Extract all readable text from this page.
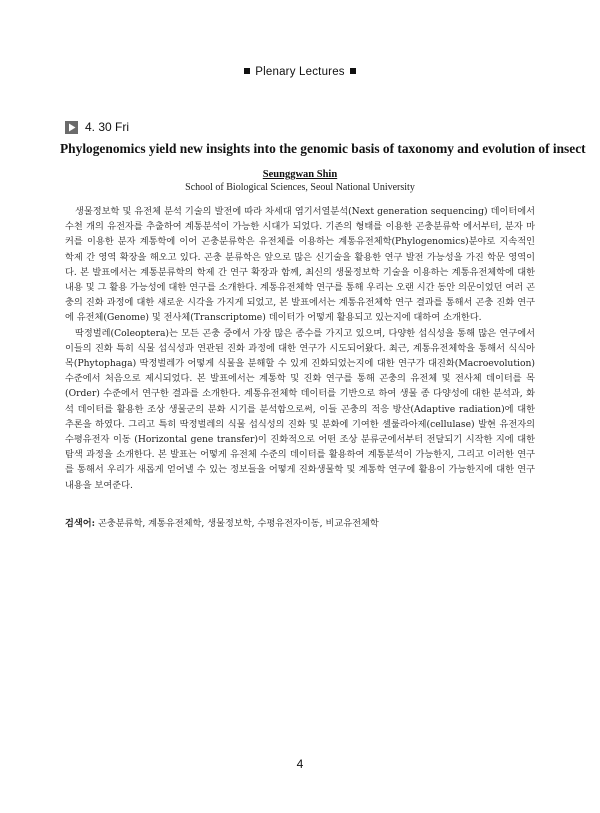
Plenary Lectures
4. 30 Fri
Phylogenomics yield new insights into the genomic basis of taxonomy and evolution of insect
Seunggwan Shin
School of Biological Sciences, Seoul National University

생물정보학 및 유전체 분석 기술의 발전에 따라 차세대 염기서열분석(Next generation sequencing) 데이터에서 수천 개의 유전자를 추출하여 계통분석이 가능한 시대가 되었다. 기존의 형태를 이용한 곤충분류학 에서부터, 분자 마커를 이용한 분자 계통학에 이어 곤충분류학은 유전체를 이용하는 계통유전체학(Phylogenomics)분야로 지속적인 학제 간 영역 확장을 해오고 있다. 곤충 분류학은 앞으로 많은 신기술을 활용한 연구 발전 가능성을 가진 학문 영역이다. 본 발표에서는 계통분류학의 학제 간 연구 확장과 함께, 최신의 생물정보학 기술을 이용하는 계통유전체학에 대한 내용 및 그 활용 가능성에 대한 연구를 소개한다. 계통유전체학 연구를 통해 우리는 오랜 시간 동안 의문이었던 여러 곤충의 진화 과정에 대한 새로운 시각을 가지게 되었고, 본 발표에서는 계통유전체학 연구 결과를 통해서 곤충 진화 연구에 유전체(Genome) 및 전사체(Transcriptome) 데이터가 어떻게 활용되고 있는지에 대하여 소개한다.

딱정벌레(Coleoptera)는 모든 곤충 중에서 가장 많은 종수를 가지고 있으며, 다양한 섭식성을 통해 많은 연구에서 이들의 진화 특히 식물 섭식성과 연관된 진화 과정에 대한 연구가 시도되어왔다. 최근, 계통유전체학을 통해서 식식아목(Phytophaga) 딱정벌레가 어떻게 식물을 분해할 수 있게 진화되었는지에 대한 연구가 대진화(Macroevolution) 수준에서 처음으로 제시되었다. 본 발표에서는 계통학 및 진화 연구를 통해 곤충의 유전체 및 전사체 데이터를 목(Order) 수준에서 연구한 결과를 소개한다. 계통유전체학 데이터를 기반으로 하여 생물 종 다양성에 대한 분석과, 화석 데이터를 활용한 조상 생물군의 분화 시기를 분석함으로써, 이들 곤충의 적응 방산(Adaptive radiation)에 대한 추론을 하였다. 그리고 특히 딱정벌레의 식물 섭식성의 진화 및 분화에 기여한 셀룰라아제(cellulase) 발현 유전자의 수평유전자 이동 (Horizontal gene transfer)이 진화적으로 어떤 조상 분류군에서부터 전달되기 시작한 지에 대한 탐색 과정을 소개한다. 본 발표는 어떻게 유전체 수준의 데이터를 활용하여 계통분석이 가능한지, 그리고 이러한 연구를 통해서 우리가 새롭게 얻어낼 수 있는 정보들을 어떻게 진화생물학 및 계통학 연구에 활용이 가능한지에 대한 연구 내용을 보여준다.

검색어: 곤충분류학, 계통유전체학, 생물정보학, 수평유전자이동, 비교유전체학
4
